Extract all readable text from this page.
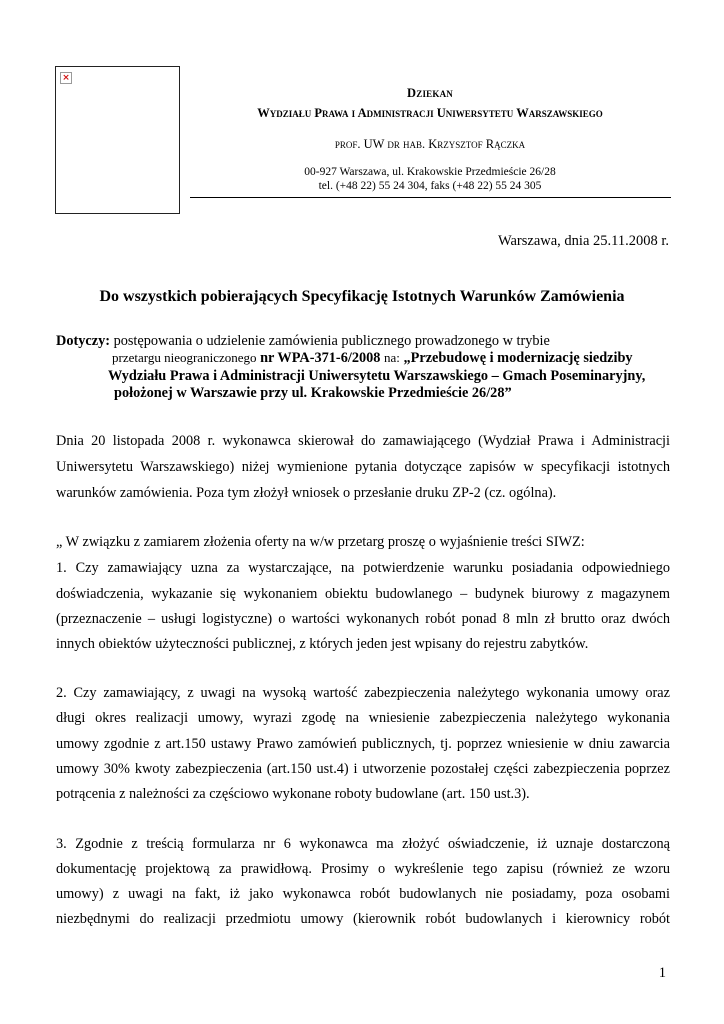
×
Dziekan
Wydziału Prawa i Administracji Uniwersytetu Warszawskiego
prof. UW dr hab. Krzysztof Rączka
00-927 Warszawa, ul. Krakowskie Przedmieście 26/28
tel. (+48 22) 55 24 304, faks (+48 22) 55 24 305
Warszawa, dnia 25.11.2008 r.
Do wszystkich pobierających Specyfikację Istotnych Warunków Zamówienia
Dotyczy: postępowania o udzielenie zamówienia publicznego prowadzonego w trybie
przetargu nieograniczonego nr WPA-371-6/2008 na: „Przebudowę i modernizację siedziby
Wydziału Prawa i Administracji Uniwersytetu Warszawskiego – Gmach Poseminaryjny,
położonej w Warszawie przy ul. Krakowskie Przedmieście 26/28”
Dnia 20 listopada 2008 r. wykonawca skierował do zamawiającego (Wydział Prawa i Administracji
Uniwersytetu Warszawskiego) niżej wymienione pytania dotyczące zapisów w specyfikacji istotnych
warunków zamówienia. Poza tym złożył wniosek o przesłanie druku ZP-2 (cz. ogólna).
„ W związku z zamiarem złożenia oferty na w/w przetarg proszę o wyjaśnienie treści SIWZ:
1. Czy zamawiający uzna za wystarczające, na potwierdzenie warunku posiadania odpowiedniego
doświadczenia, wykazanie się wykonaniem obiektu budowlanego – budynek biurowy z magazynem
(przeznaczenie – usługi logistyczne) o wartości wykonanych robót ponad 8 mln zł brutto oraz dwóch
innych obiektów użyteczności publicznej, z których jeden jest wpisany do rejestru zabytków.
2. Czy zamawiający, z uwagi na wysoką wartość zabezpieczenia należytego wykonania umowy oraz
długi okres realizacji umowy, wyrazi zgodę na wniesienie zabezpieczenia należytego wykonania
umowy zgodnie z art.150 ustawy Prawo zamówień publicznych, tj. poprzez wniesienie w dniu zawarcia
umowy 30% kwoty zabezpieczenia (art.150 ust.4) i utworzenie pozostałej części zabezpieczenia poprzez
potrącenia z należności za częściowo wykonane roboty budowlane (art. 150 ust.3).
3. Zgodnie z treścią formularza nr 6 wykonawca ma złożyć oświadczenie, iż uznaje dostarczoną
dokumentację projektową za prawidłową. Prosimy o wykreślenie tego zapisu (również ze wzoru
umowy) z uwagi na fakt, iż jako wykonawca robót budowlanych nie posiadamy, poza osobami
niezbędnymi do realizacji przedmiotu umowy (kierownik robót budowlanych i kierownicy robót
1
